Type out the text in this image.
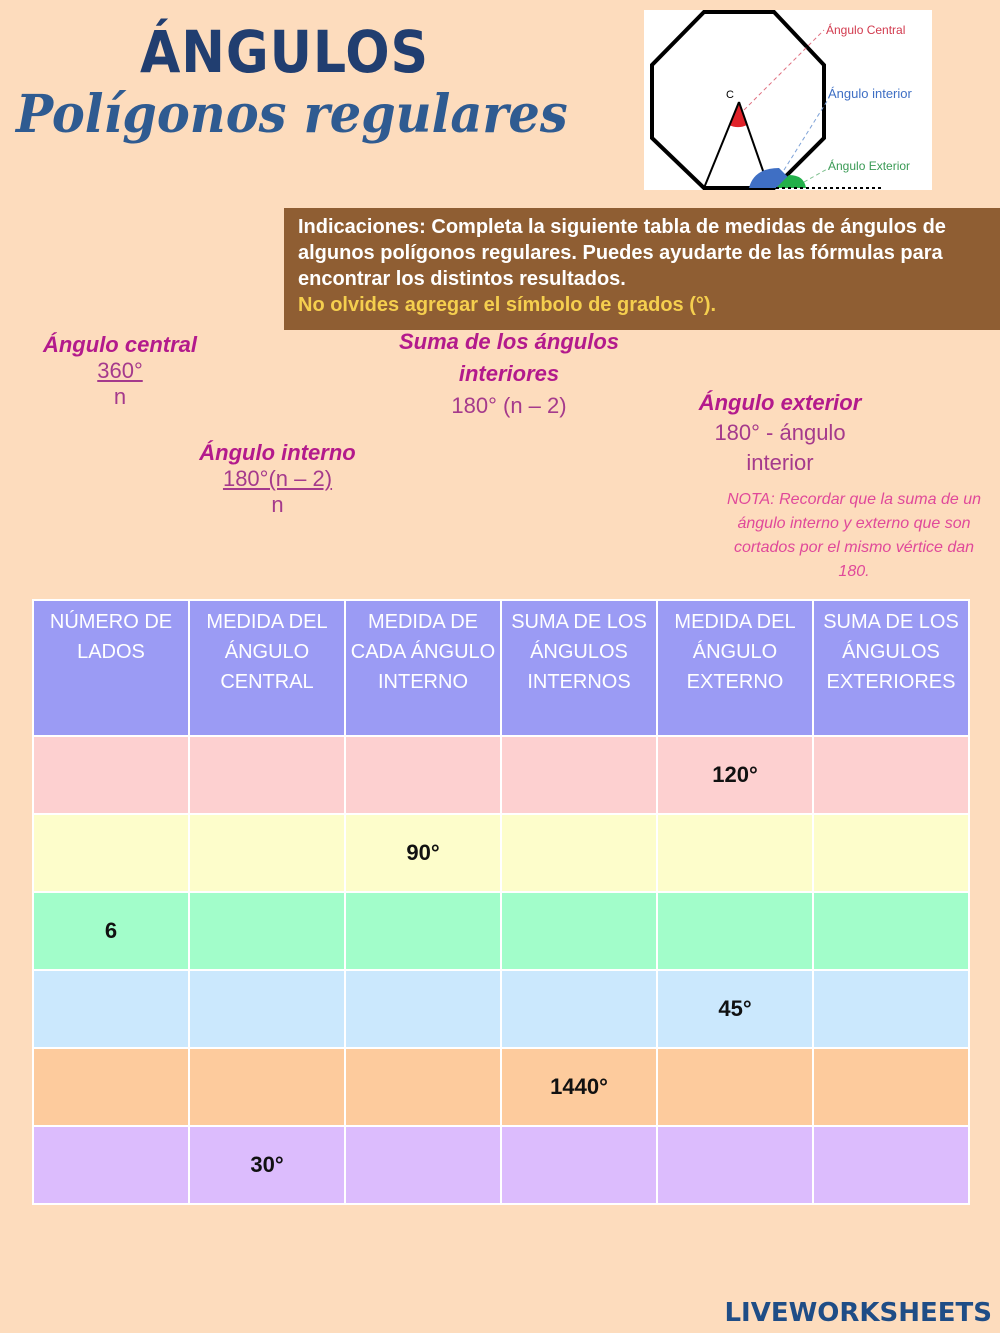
ÁNGULOS
Polígonos regulares	C
Ángulo Central
Ángulo interior
Ángulo Exterior
Indicaciones: Completa la siguiente tabla de medidas de ángulos de algunos polígonos regulares. Puedes ayudarte de las fórmulas para encontrar los distintos resultados.
No olvides agregar el símbolo de grados (°).
Ángulo central
360°
n
Ángulo interno
180°(n – 2)
n
Suma de los ángulos
interiores
180° (n – 2)	Ángulo exterior
180° - ángulo
interior
NOTA: Recordar que la suma de un ángulo interno y externo que son cortados por el mismo vértice dan 180.
NÚMERO DE LADOS	MEDIDA DEL ÁNGULO CENTRAL	MEDIDA DE CADA ÁNGULO INTERNO	SUMA DE LOS ÁNGULOS INTERNOS	MEDIDA DEL ÁNGULO EXTERNO	SUMA DE LOS ÁNGULOS EXTERIORES
				120°	
		90°			
6					
				45°	
			1440°		
	30°				
LIVEWORKSHEETS
